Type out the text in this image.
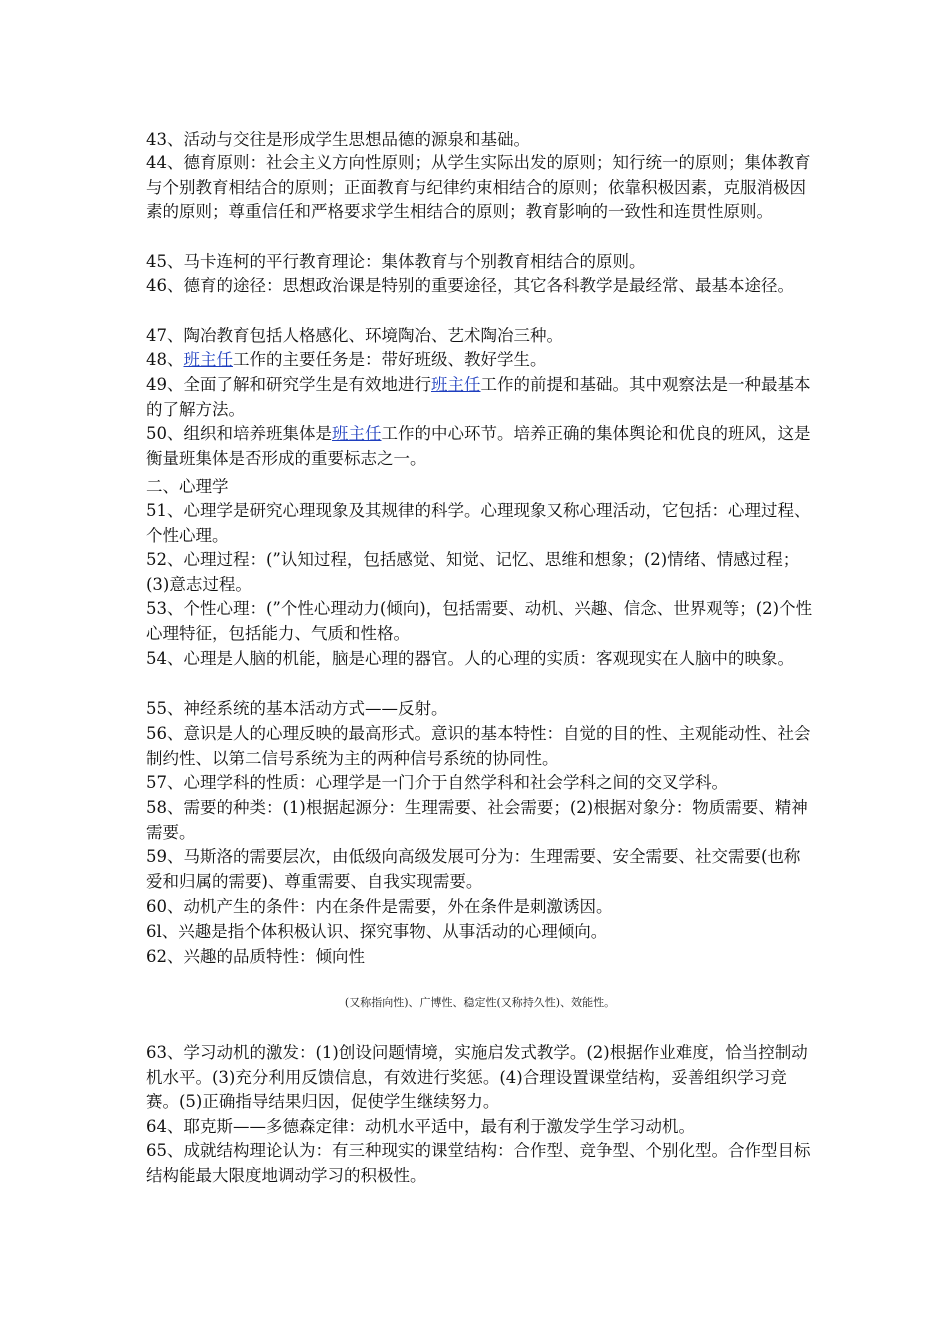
43、活动与交往是形成学生思想品德的源泉和基础。
44、德育原则：社会主义方向性原则；从学生实际出发的原则；知行统一的原则；集体教育与个别教育相结合的原则；正面教育与纪律约束相结合的原则；依靠积极因素，克服消极因素的原则；尊重信任和严格要求学生相结合的原则；教育影响的一致性和连贯性原则。
45、马卡连柯的平行教育理论：集体教育与个别教育相结合的原则。
46、德育的途径：思想政治课是特别的重要途径，其它各科教学是最经常、最基本途径。
47、陶冶教育包括人格感化、环境陶冶、艺术陶冶三种。
48、班主任工作的主要任务是：带好班级、教好学生。
49、全面了解和研究学生是有效地进行班主任工作的前提和基础。其中观察法是一种最基本的了解方法。
50、组织和培养班集体是班主任工作的中心环节。培养正确的集体舆论和优良的班风，这是衡量班集体是否形成的重要标志之一。
二、心理学
51、心理学是研究心理现象及其规律的科学。心理现象又称心理活动，它包括：心理过程、个性心理。
52、心理过程：(”认知过程，包括感觉、知觉、记忆、思维和想象；(2)情绪、情感过程；(3)意志过程。
53、个性心理：(”个性心理动力(倾向)，包括需要、动机、兴趣、信念、世界观等；(2)个性心理特征，包括能力、气质和性格。
54、心理是人脑的机能，脑是心理的器官。人的心理的实质：客观现实在人脑中的映象。
55、神经系统的基本活动方式——反射。
56、意识是人的心理反映的最高形式。意识的基本特性：自觉的目的性、主观能动性、社会制约性、以第二信号系统为主的两种信号系统的协同性。
57、心理学科的性质：心理学是一门介于自然学科和社会学科之间的交叉学科。
58、需要的种类：(1)根据起源分：生理需要、社会需要；(2)根据对象分：物质需要、精神需要。
59、马斯洛的需要层次，由低级向高级发展可分为：生理需要、安全需要、社交需要(也称爱和归属的需要)、尊重需要、自我实现需要。
60、动机产生的条件：内在条件是需要，外在条件是刺激诱因。
6l、兴趣是指个体积极认识、探究事物、从事活动的心理倾向。
62、兴趣的品质特性：倾向性
(又称指向性)、广博性、稳定性(又称持久性)、效能性。
63、学习动机的激发：(1)创设问题情境，实施启发式教学。(2)根据作业难度，恰当控制动机水平。(3)充分利用反馈信息，有效进行奖惩。(4)合理设置课堂结构，妥善组织学习竞赛。(5)正确指导结果归因，促使学生继续努力。
64、耶克斯——多德森定律：动机水平适中，最有利于激发学生学习动机。
65、成就结构理论认为：有三种现实的课堂结构：合作型、竞争型、个别化型。合作型目标结构能最大限度地调动学习的积极性。
